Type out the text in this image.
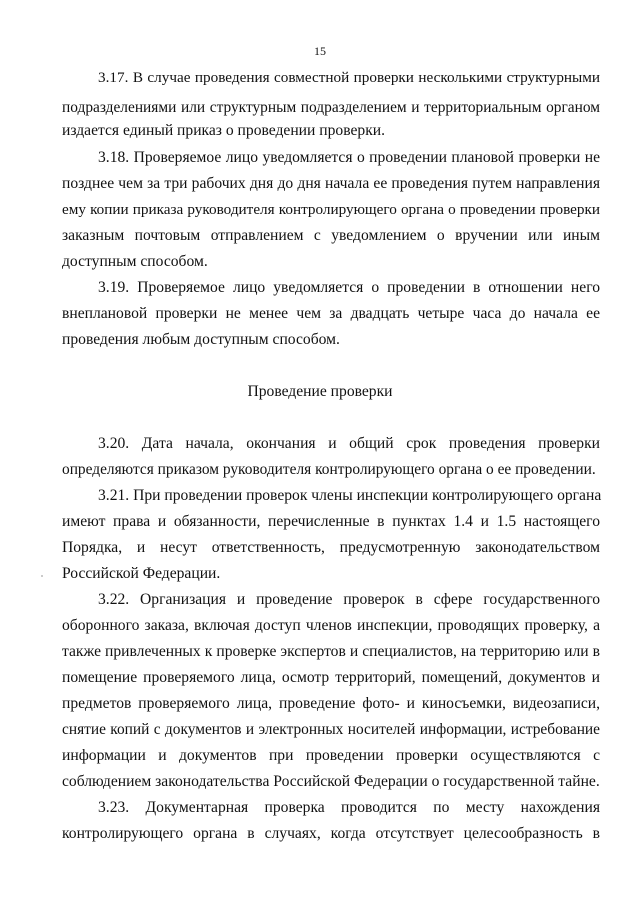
15
3.17. В случае проведения совместной проверки несколькими структурными
подразделениями или структурным подразделением и территориальным органом
издается единый приказ о проведении проверки.
3.18. Проверяемое лицо уведомляется о проведении плановой проверки не
позднее чем за три рабочих дня до дня начала ее проведения путем направления
ему копии приказа руководителя контролирующего органа о проведении проверки
заказным почтовым отправлением с уведомлением о вручении или иным
доступным способом.
3.19. Проверяемое лицо уведомляется о проведении в отношении него
внеплановой проверки не менее чем за двадцать четыре часа до начала ее
проведения любым доступным способом.
Проведение проверки
3.20. Дата начала, окончания и общий срок проведения проверки
определяются приказом руководителя контролирующего органа о ее проведении.
3.21. При проведении проверок члены инспекции контролирующего органа
имеют права и обязанности, перечисленные в пунктах 1.4 и 1.5 настоящего
Порядка, и несут ответственность, предусмотренную законодательством
Российской Федерации.
3.22. Организация и проведение проверок в сфере государственного
оборонного заказа, включая доступ членов инспекции, проводящих проверку, а
также привлеченных к проверке экспертов и специалистов, на территорию или в
помещение проверяемого лица, осмотр территорий, помещений, документов и
предметов проверяемого лица, проведение фото- и киносъемки, видеозаписи,
снятие копий с документов и электронных носителей информации, истребование
информации и документов при проведении проверки осуществляются с
соблюдением законодательства Российской Федерации о государственной тайне.
3.23. Документарная проверка проводится по месту нахождения
контролирующего органа в случаях, когда отсутствует целесообразность в
